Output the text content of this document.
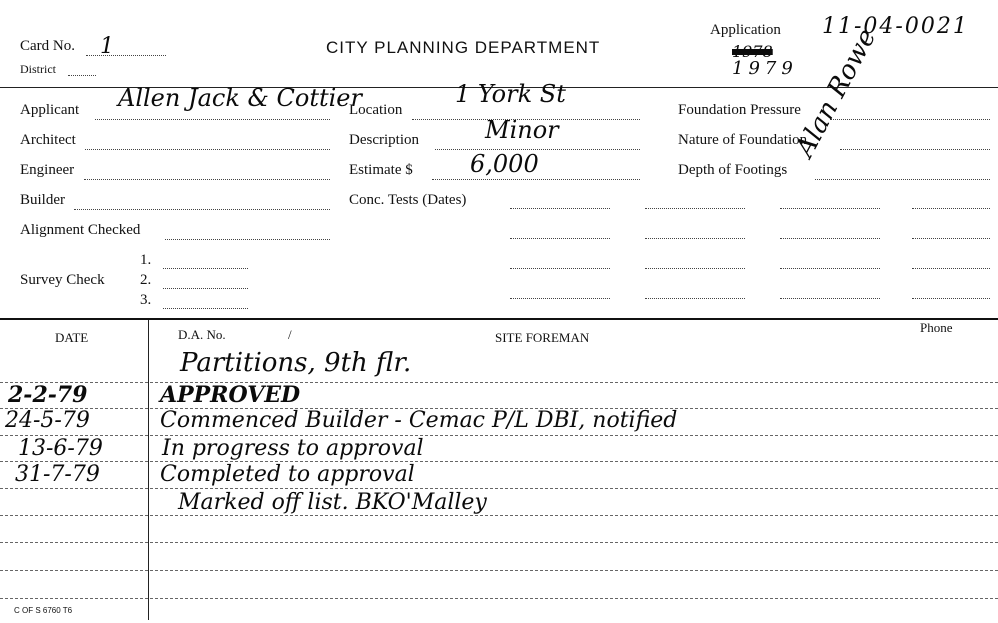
Card No. 1
District
CITY PLANNING DEPARTMENT
Application 11-04-0021
1978
1979
Applicant Allen Jack & Cottier
Architect
Engineer
Builder
Alignment Checked
Survey Check
1.
2.
3.
Location
1 York St
Description	Minor
Estimate $ 6,000
Conc. Tests (Dates)
Foundation Pressure
Nature of Foundation
Depth of Footings
Alan Rowe
DATE	D.A. No.	/	SITE FOREMAN
Phone
Partitions, 9th flr.
2-2-79	APPROVED
24-5-79	Commenced Builder - Cemac P/L DBI, notified
13-6-79	In progress to approval
31-7-79	Completed to approval
Marked off list. BKO'Malley
C OF S 6760 T6
